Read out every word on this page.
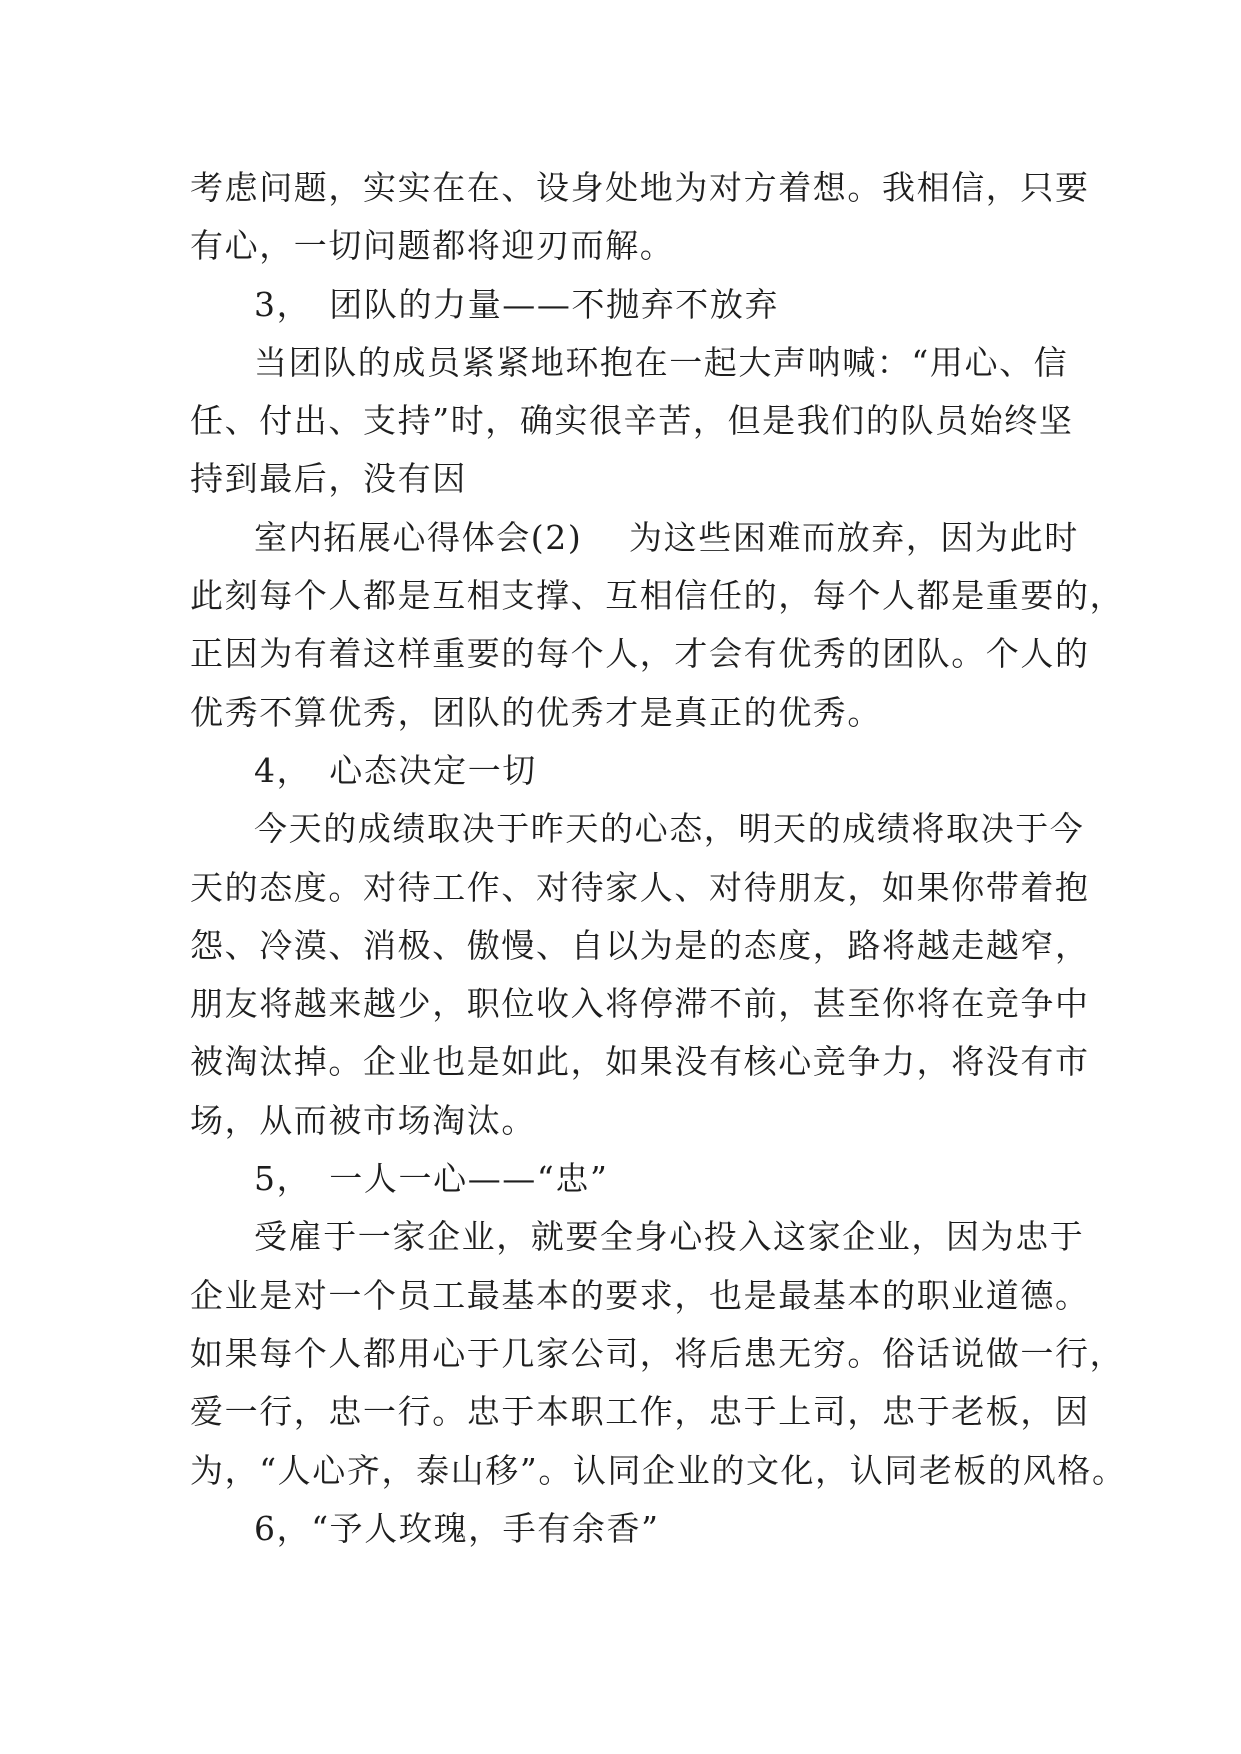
考虑问题，实实在在、设身处地为对方着想。我相信，只要
有心，一切问题都将迎刃而解。
3，　团队的力量——不抛弃不放弃
当团队的成员紧紧地环抱在一起大声呐喊：“用心、信
任、付出、支持”时，确实很辛苦，但是我们的队员始终坚
持到最后，没有因
室内拓展心得体会(2)　 为这些困难而放弃，因为此时
此刻每个人都是互相支撑、互相信任的，每个人都是重要的，
正因为有着这样重要的每个人，才会有优秀的团队。个人的
优秀不算优秀，团队的优秀才是真正的优秀。
4，　心态决定一切
今天的成绩取决于昨天的心态，明天的成绩将取决于今
天的态度。对待工作、对待家人、对待朋友，如果你带着抱
怨、冷漠、消极、傲慢、自以为是的态度，路将越走越窄，
朋友将越来越少，职位收入将停滞不前，甚至你将在竞争中
被淘汰掉。企业也是如此，如果没有核心竞争力，将没有市
场，从而被市场淘汰。
5，　一人一心——“忠”
受雇于一家企业，就要全身心投入这家企业，因为忠于
企业是对一个员工最基本的要求，也是最基本的职业道德。
如果每个人都用心于几家公司，将后患无穷。俗话说做一行，
爱一行，忠一行。忠于本职工作，忠于上司，忠于老板，因
为，“人心齐，泰山移”。认同企业的文化，认同老板的风格。
6，“予人玫瑰，手有余香”
